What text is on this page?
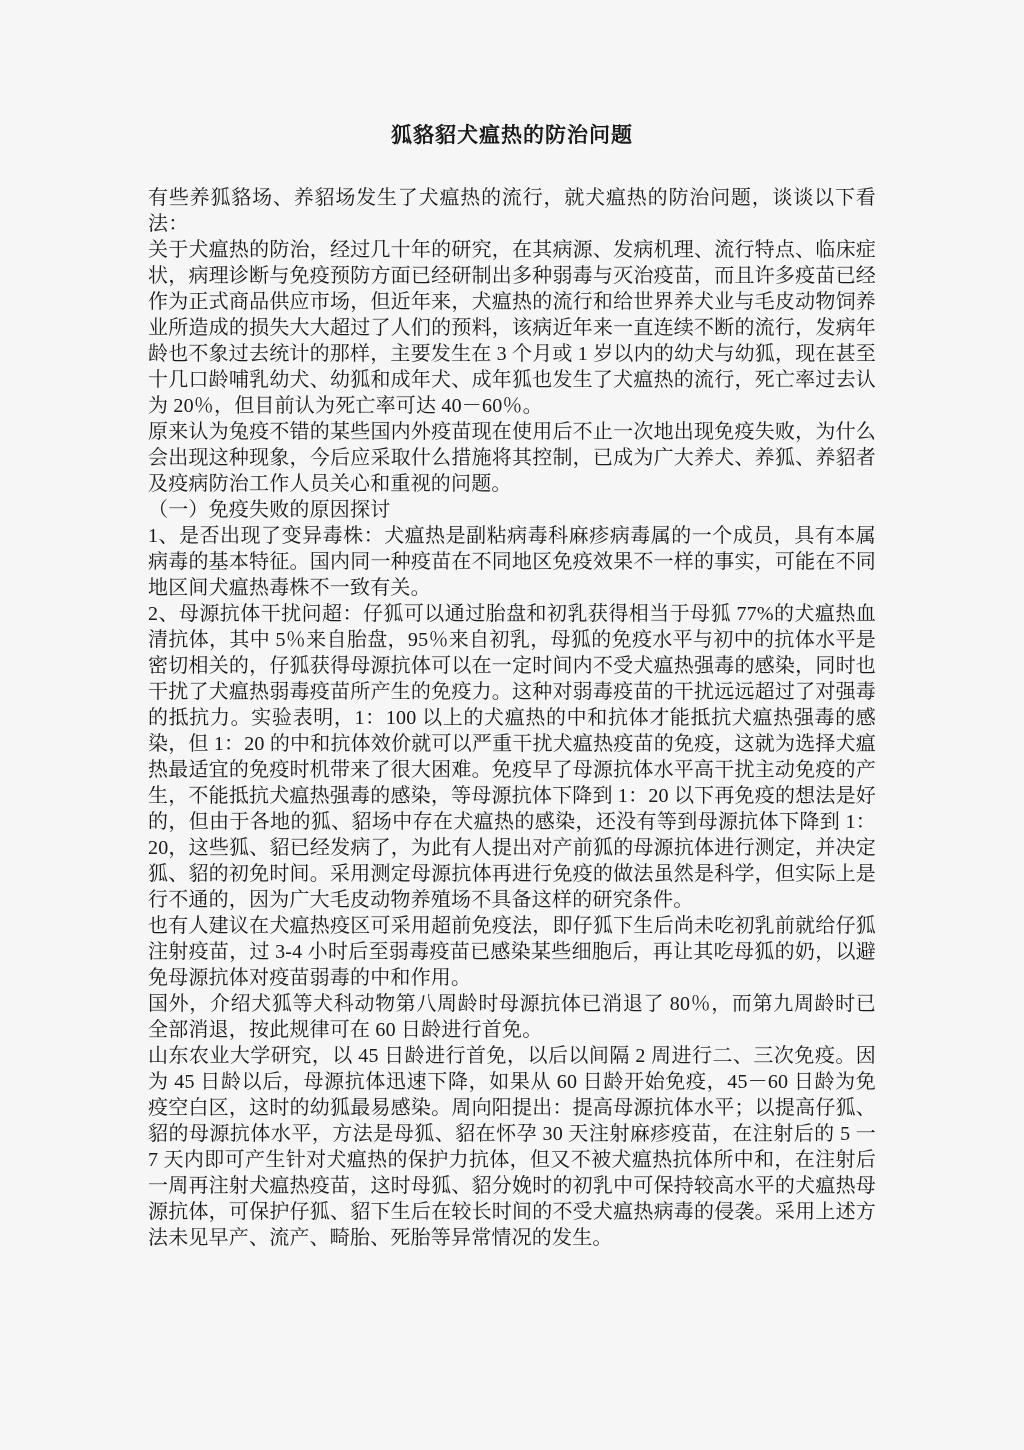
狐貉貂犬瘟热的防治问题

有些养狐貉场、养貂场发生了犬瘟热的流行，就犬瘟热的防治问题，谈谈以下看法：

关于犬瘟热的防治，经过几十年的研究，在其病源、发病机理、流行特点、临床症状，病理诊断与免疫预防方面已经研制出多种弱毒与灭治疫苗，而且许多疫苗已经作为正式商品供应市场，但近年来，犬瘟热的流行和给世界养犬业与毛皮动物饲养业所造成的损失大大超过了人们的预料，该病近年来一直连续不断的流行，发病年龄也不象过去统计的那样，主要发生在 3 个月或 1 岁以内的幼犬与幼狐，现在甚至十几口龄哺乳幼犬、幼狐和成年犬、成年狐也发生了犬瘟热的流行，死亡率过去认为 20％，但目前认为死亡率可达 40－60％。

原来认为兔疫不错的某些国内外疫苗现在使用后不止一次地出现免疫失败，为什么会出现这种现象，今后应采取什么措施将其控制，已成为广大养犬、养狐、养貂者及疫病防治工作人员关心和重视的问题。

（一）免疫失败的原因探讨

1、是否出现了变异毒株：犬瘟热是副粘病毒科麻疹病毒属的一个成员，具有本属病毒的基本特征。国内同一种疫苗在不同地区免疫效果不一样的事实，可能在不同地区间犬瘟热毒株不一致有关。

2、母源抗体干扰问超：仔狐可以通过胎盘和初乳获得相当于母狐 77%的犬瘟热血清抗体，其中 5％来自胎盘，95％来自初乳，母狐的免疫水平与初中的抗体水平是密切相关的，仔狐获得母源抗体可以在一定时间内不受犬瘟热强毒的感染，同时也干扰了犬瘟热弱毒疫苗所产生的免疫力。这种对弱毒疫苗的干扰远远超过了对强毒的抵抗力。实验表明，1：100 以上的犬瘟热的中和抗体才能抵抗犬瘟热强毒的感染，但 1：20 的中和抗体效价就可以严重干扰犬瘟热疫苗的免疫，这就为选择犬瘟热最适宜的免疫时机带来了很大困难。免疫早了母源抗体水平高干扰主动免疫的产生，不能抵抗犬瘟热强毒的感染，等母源抗体下降到 1：20 以下再免疫的想法是好的，但由于各地的狐、貂场中存在犬瘟热的感染，还没有等到母源抗体下降到 1：20，这些狐、貂已经发病了，为此有人提出对产前狐的母源抗体进行测定，并决定狐、貂的初免时间。采用测定母源抗体再进行免疫的做法虽然是科学，但实际上是行不通的，因为广大毛皮动物养殖场不具备这样的研究条件。

也有人建议在犬瘟热疫区可采用超前免疫法，即仔狐下生后尚未吃初乳前就给仔狐注射疫苗，过 3-4 小时后至弱毒疫苗已感染某些细胞后，再让其吃母狐的奶，以避免母源抗体对疫苗弱毒的中和作用。

国外，介绍犬狐等犬科动物第八周龄时母源抗体已消退了 80％，而第九周龄时已全部消退，按此规律可在 60 日龄进行首免。

山东农业大学研究，以 45 日龄进行首免，以后以间隔 2 周进行二、三次免疫。因为 45 日龄以后，母源抗体迅速下降，如果从 60 日龄开始免疫，45－60 日龄为免疫空白区，这时的幼狐最易感染。周向阳提出：提高母源抗体水平；以提高仔狐、貂的母源抗体水平，方法是母狐、貂在怀孕 30 天注射麻疹疫苗，在注射后的 5 一 7 天内即可产生针对犬瘟热的保护力抗体，但又不被犬瘟热抗体所中和，在注射后一周再注射犬瘟热疫苗，这时母狐、貂分娩时的初乳中可保持较高水平的犬瘟热母源抗体，可保护仔狐、貂下生后在较长时间的不受犬瘟热病毒的侵袭。采用上述方法未见早产、流产、畸胎、死胎等异常情况的发生。
